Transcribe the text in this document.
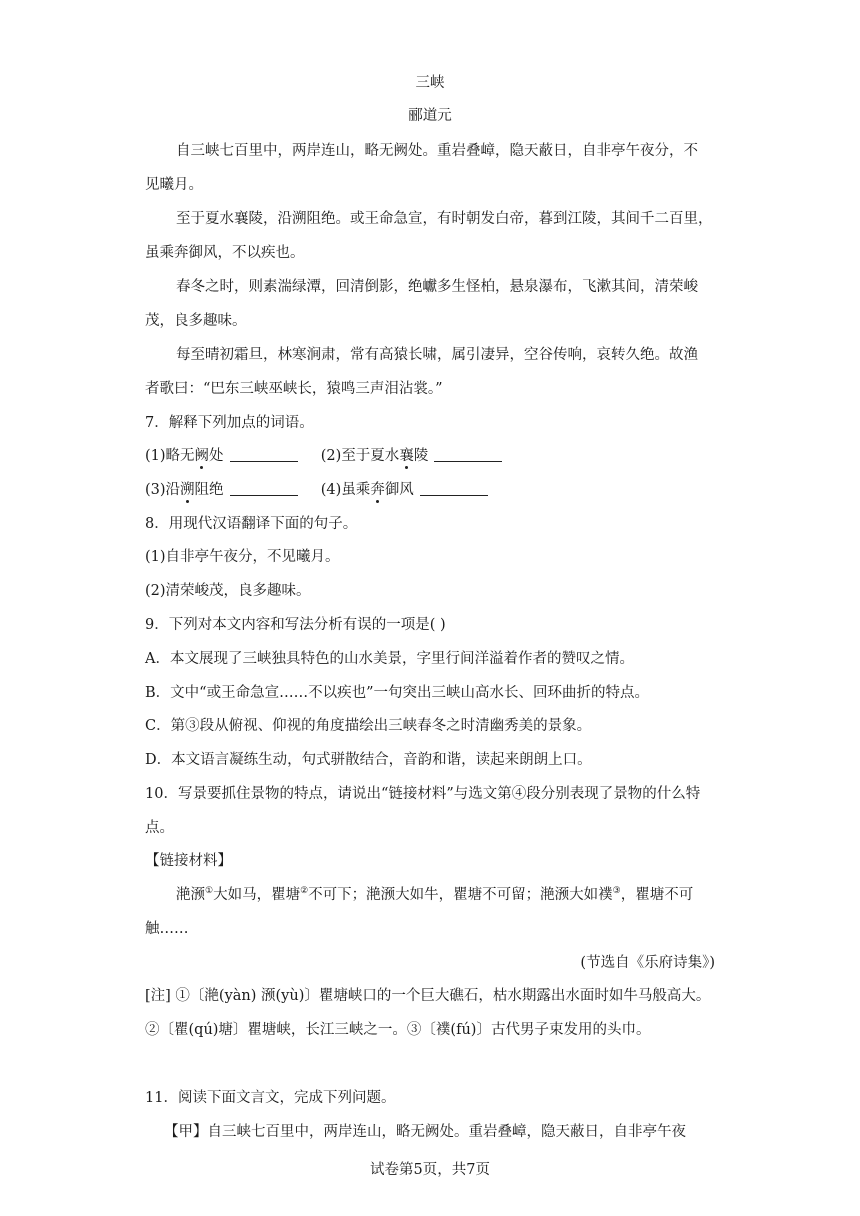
三峡
郦道元
自三峡七百里中，两岸连山，略无阙处。重岩叠嶂，隐天蔽日，自非亭午夜分，不
见曦月。
至于夏水襄陵，沿溯阻绝。或王命急宣，有时朝发白帝，暮到江陵，其间千二百里，
虽乘奔御风，不以疾也。
春冬之时，则素湍绿潭，回清倒影，绝巘多生怪柏，悬泉瀑布，飞漱其间，清荣峻
茂，良多趣味。
每至晴初霜旦，林寒涧肃，常有高猿长啸，属引凄异，空谷传响，哀转久绝。故渔
者歌曰：“巴东三峡巫峡长，猿鸣三声泪沾裳。”
7．解释下列加点的词语。
(1)略无阙处	(2)至于夏水襄陵
(3)沿溯阻绝	(4)虽乘奔御风
8．用现代汉语翻译下面的句子。
(1)自非亭午夜分，不见曦月。
(2)清荣峻茂，良多趣味。
9．下列对本文内容和写法分析有误的一项是( )
A．本文展现了三峡独具特色的山水美景，字里行间洋溢着作者的赞叹之情。
B．文中“或王命急宣……不以疾也”一句突出三峡山高水长、回环曲折的特点。
C．第③段从俯视、仰视的角度描绘出三峡春冬之时清幽秀美的景象。
D．本文语言凝练生动，句式骈散结合，音韵和谐，读起来朗朗上口。
10．写景要抓住景物的特点，请说出“链接材料”与选文第④段分别表现了景物的什么特
点。
【链接材料】
滟滪①大如马，瞿塘②不可下；滟滪大如牛，瞿塘不可留；滟滪大如襆③，瞿塘不可
触……
(节选自《乐府诗集》)
[注] ①〔滟(yàn) 滪(yù)〕瞿塘峡口的一个巨大礁石，枯水期露出水面时如牛马般高大。
②〔瞿(qú)塘〕瞿塘峡，长江三峡之一。③〔襆(fú)〕古代男子束发用的头巾。
11．阅读下面文言文，完成下列问题。
【甲】自三峡七百里中，两岸连山，略无阙处。重岩叠嶂，隐天蔽日，自非亭午夜
试卷第5页，共7页
